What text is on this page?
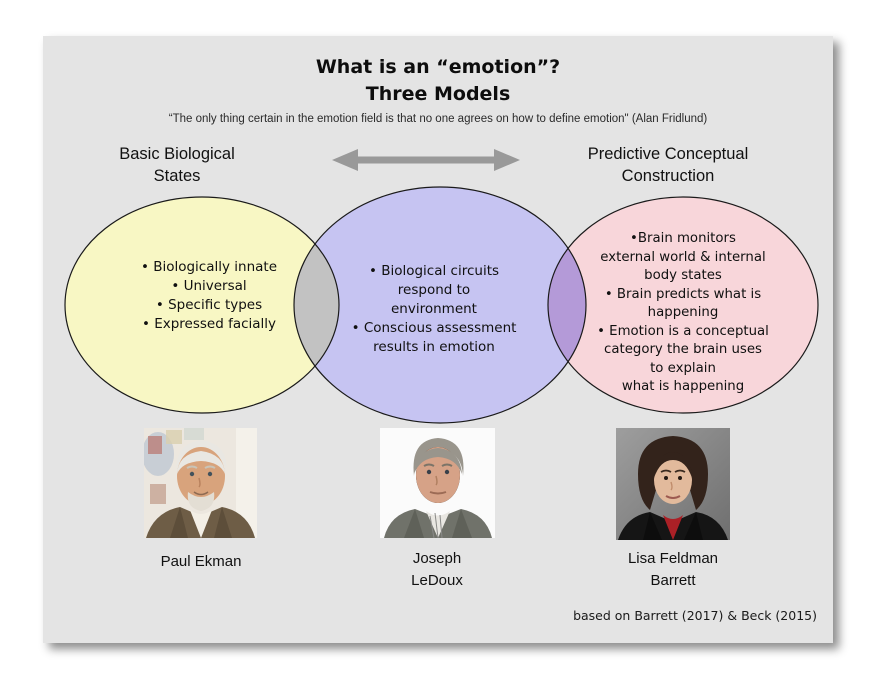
What is an “emotion”?
Three Models
“The only thing certain in the emotion field is that no one agrees on how to define emotion" (Alan Fridlund)
Basic Biological
States
Predictive Conceptual
Construction
• Biologically innate
• Universal
• Specific types
• Expressed facially
• Biological circuits
respond to
environment
• Conscious assessment
results in emotion
•Brain monitors
external world & internal
body states
• Brain predicts what is
happening
• Emotion is a conceptual
category the brain uses
to explain
what is happening
Paul Ekman	Joseph
LeDoux
Lisa Feldman
Barrett
based on Barrett (2017) & Beck (2015)
